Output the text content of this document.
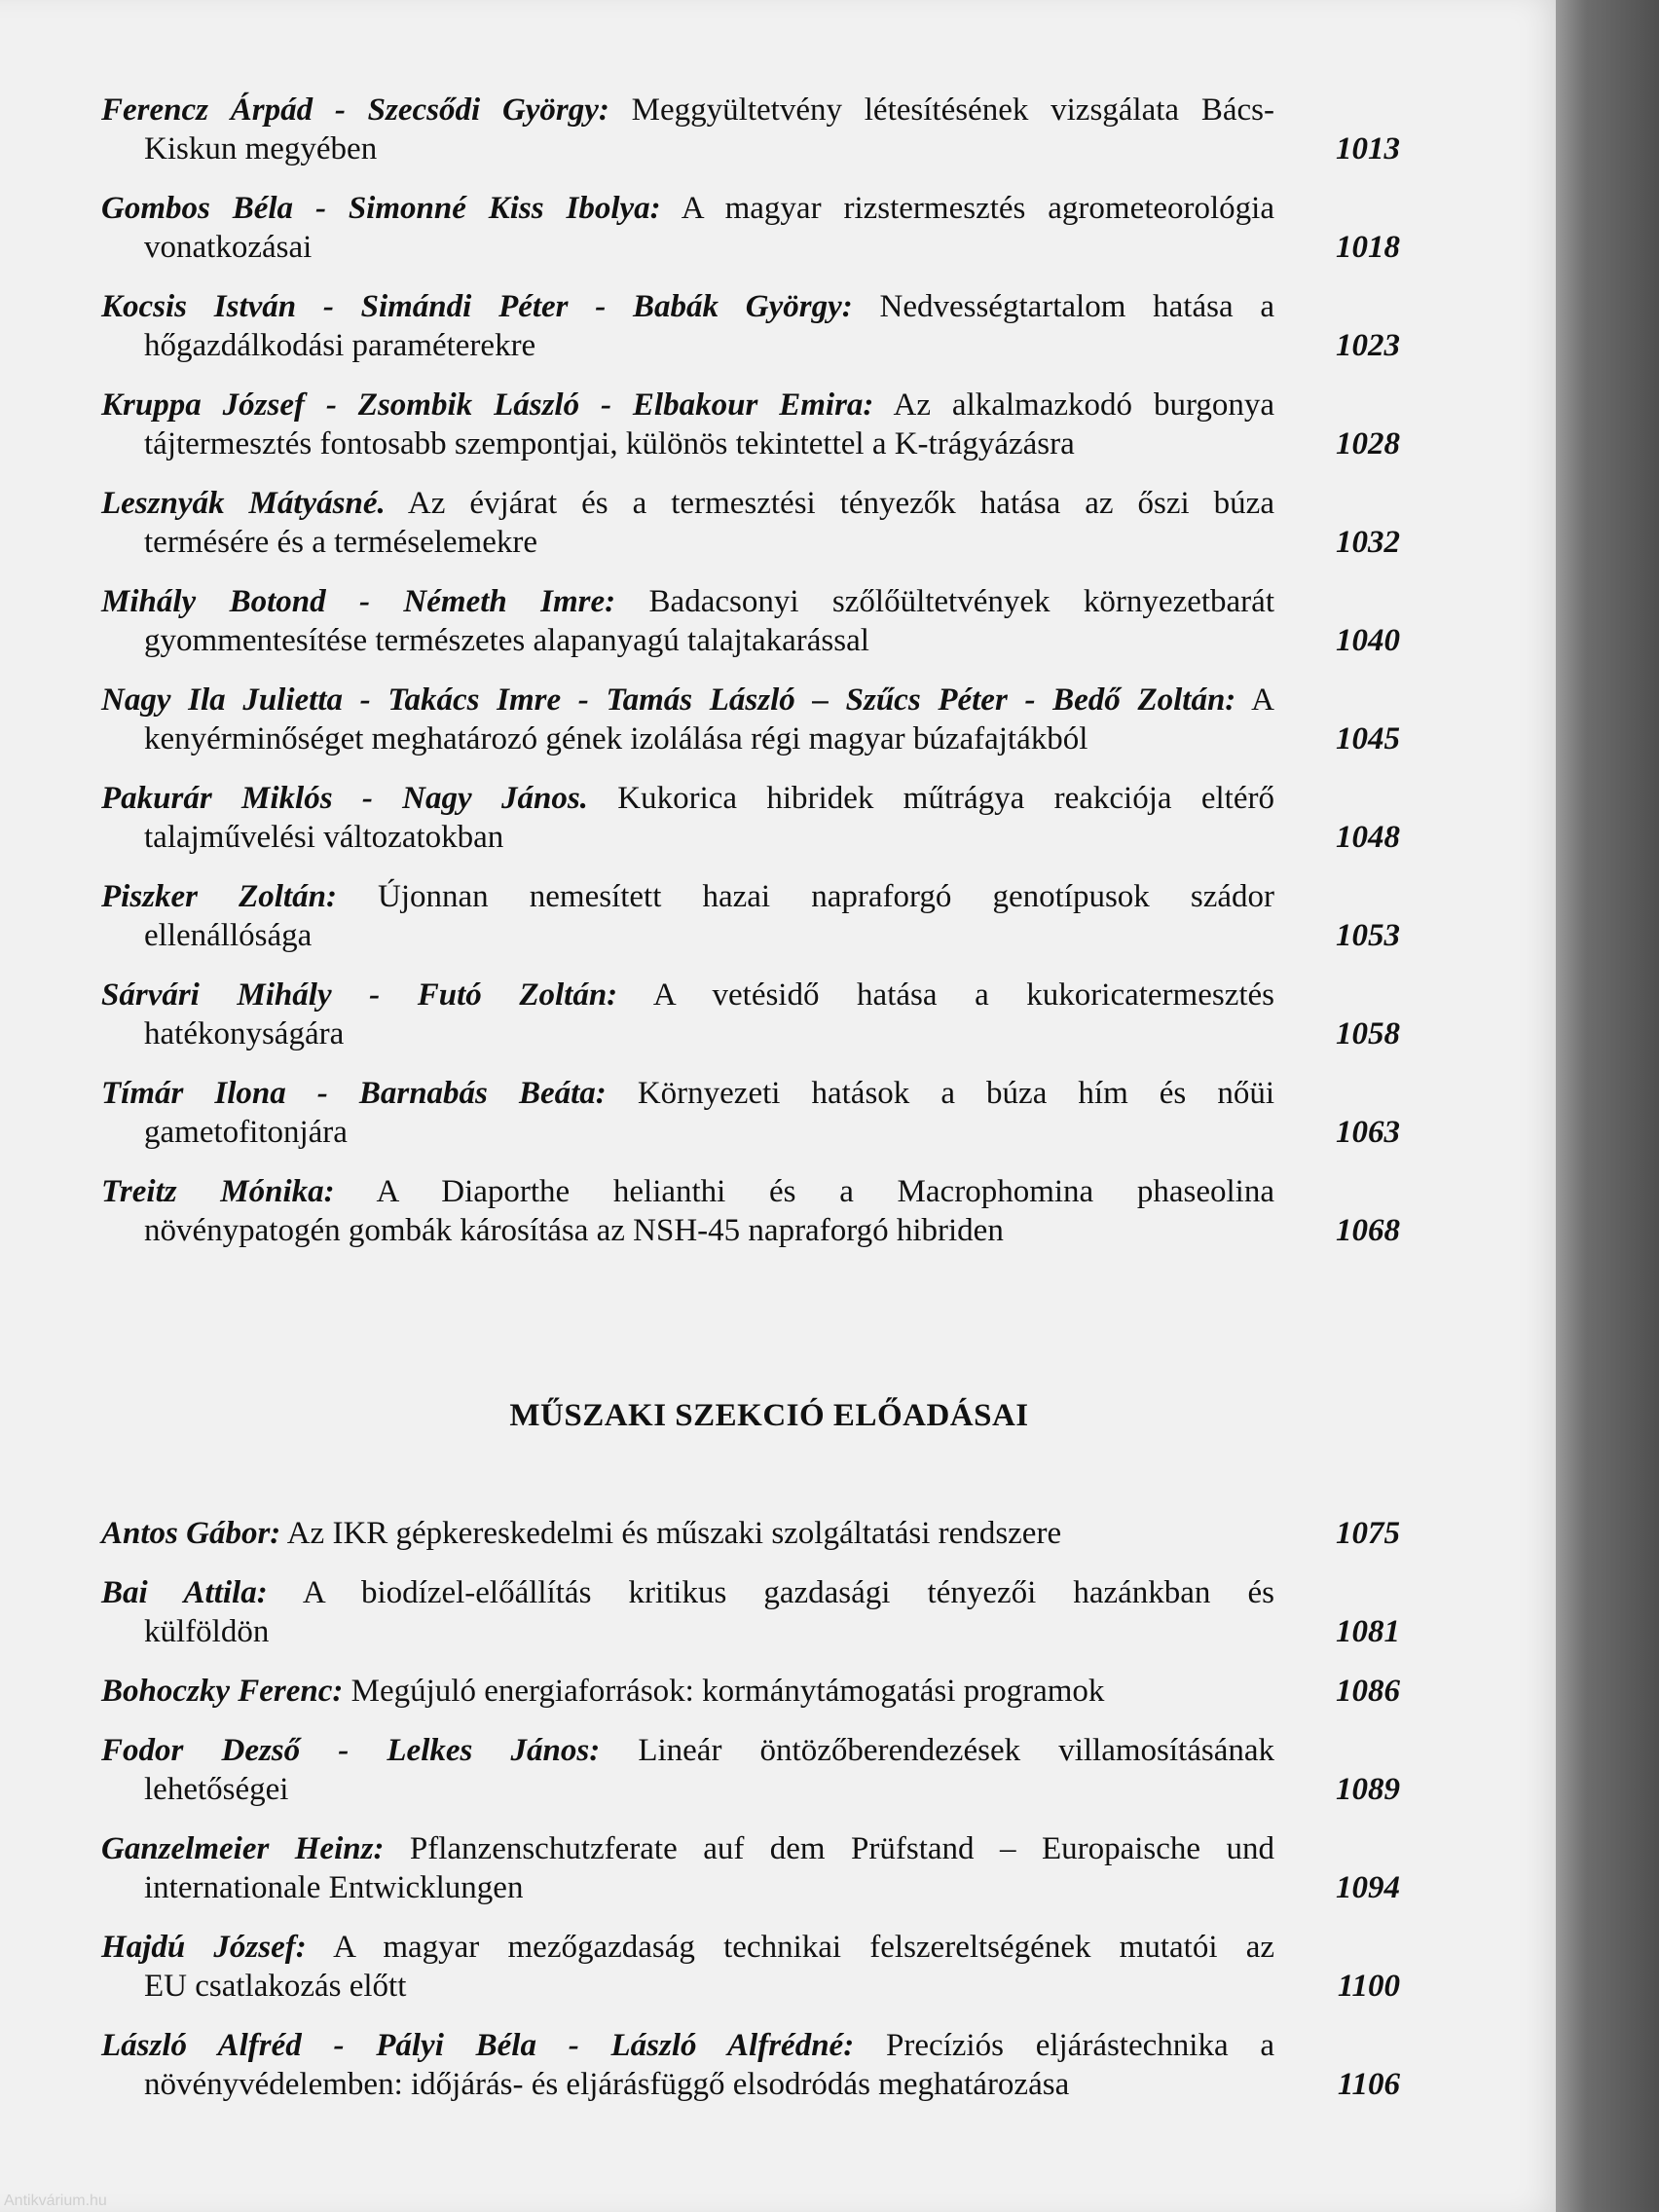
Ferencz Árpád - Szecsődi György: Meggyültetvény létesítésének vizsgálata Bács-
Kiskun megyében	1013
Gombos Béla - Simonné Kiss Ibolya: A magyar rizstermesztés agrometeorológia
vonatkozásai	1018
Kocsis István - Simándi Péter - Babák György: Nedvességtartalom hatása a
hőgazdálkodási paraméterekre	1023
Kruppa József - Zsombik László - Elbakour Emira: Az alkalmazkodó burgonya
tájtermesztés fontosabb szempontjai, különös tekintettel a K-trágyázásra	1028
Lesznyák Mátyásné. Az évjárat és a termesztési tényezők hatása az őszi búza
termésére és a terméselemekre	1032
Mihály Botond - Németh Imre: Badacsonyi szőlőültetvények környezetbarát
gyommentesítése természetes alapanyagú talajtakarással	1040
Nagy Ila Julietta - Takács Imre - Tamás László – Szűcs Péter - Bedő Zoltán: A
kenyérminőséget meghatározó gének izolálása régi magyar búzafajtákból	1045
Pakurár Miklós - Nagy János. Kukorica hibridek műtrágya reakciója eltérő
talajművelési változatokban	1048
Piszker Zoltán: Újonnan nemesített hazai napraforgó genotípusok szádor
ellenállósága	1053
Sárvári Mihály - Futó Zoltán: A vetésidő hatása a kukoricatermesztés
hatékonyságára	1058
Tímár Ilona - Barnabás Beáta: Környezeti hatások a búza hím és nőüi
gametofitonjára	1063
Treitz Mónika: A Diaporthe helianthi és a Macrophomina phaseolina
növénypatogén gombák károsítása az NSH-45 napraforgó hibriden	1068
MŰSZAKI SZEKCIÓ ELŐADÁSAI
Antos Gábor: Az IKR gépkereskedelmi és műszaki szolgáltatási rendszere	1075
Bai Attila: A biodízel-előállítás kritikus gazdasági tényezői hazánkban és
külföldön	1081
Bohoczky Ferenc: Megújuló energiaforrások: kormánytámogatási programok	1086
Fodor Dezső - Lelkes János: Lineár öntözőberendezések villamosításának
lehetőségei	1089
Ganzelmeier Heinz: Pflanzenschutzferate auf dem Prüfstand – Europaische und
internationale Entwicklungen	1094
Hajdú József: A magyar mezőgazdaság technikai felszereltségének mutatói az
EU csatlakozás előtt	1100
László Alfréd - Pályi Béla - László Alfrédné: Precíziós eljárástechnika a
növényvédelemben: időjárás- és eljárásfüggő elsodródás meghatározása	1106
Antikvárium.hu
